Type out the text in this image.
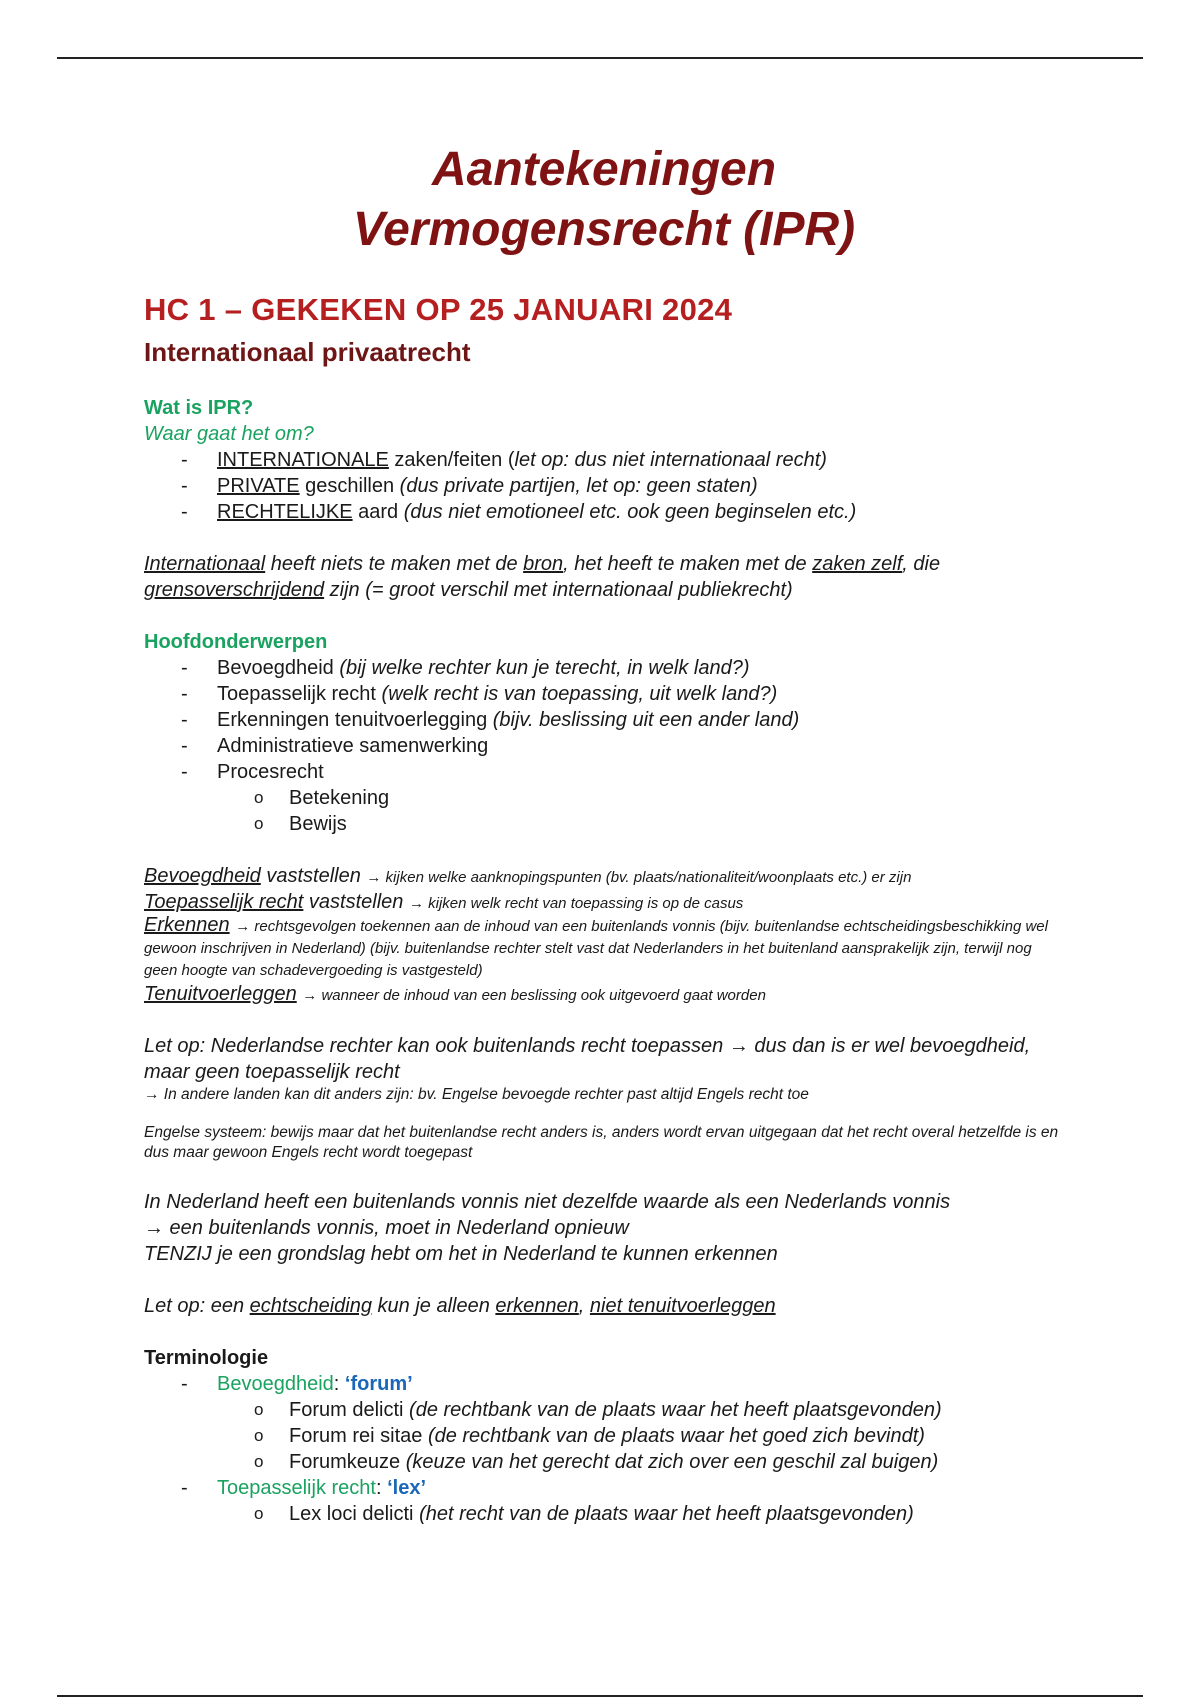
Aantekeningen
Vermogensrecht (IPR)
HC 1 – GEKEKEN OP 25 JANUARI 2024
Internationaal privaatrecht
Wat is IPR?
Waar gaat het om?
- INTERNATIONALE zaken/feiten (let op: dus niet internationaal recht)
- PRIVATE geschillen (dus private partijen, let op: geen staten)
- RECHTELIJKE aard (dus niet emotioneel etc. ook geen beginselen etc.)
Internationaal heeft niets te maken met de bron, het heeft te maken met de zaken zelf, die
grensoverschrijdend zijn (= groot verschil met internationaal publiekrecht)
Hoofdonderwerpen
- Bevoegdheid (bij welke rechter kun je terecht, in welk land?)
- Toepasselijk recht (welk recht is van toepassing, uit welk land?)
- Erkenningen tenuitvoerlegging (bijv. beslissing uit een ander land)
- Administratieve samenwerking
- Procesrecht
o Betekening
o Bewijs
Bevoegdheid vaststellen → kijken welke aanknopingspunten (bv. plaats/nationaliteit/woonplaats etc.) er zijn
Toepasselijk recht vaststellen → kijken welk recht van toepassing is op de casus
Erkennen → rechtsgevolgen toekennen aan de inhoud van een buitenlands vonnis (bijv. buitenlandse echtscheidingsbeschikking wel gewoon inschrijven in Nederland) (bijv. buitenlandse rechter stelt vast dat Nederlanders in het buitenland aansprakelijk zijn, terwijl nog geen hoogte van schadevergoeding is vastgesteld)
Tenuitvoerleggen → wanneer de inhoud van een beslissing ook uitgevoerd gaat worden
Let op: Nederlandse rechter kan ook buitenlands recht toepassen → dus dan is er wel bevoegdheid, maar geen toepasselijk recht
→ In andere landen kan dit anders zijn: bv. Engelse bevoegde rechter past altijd Engels recht toe
Engelse systeem: bewijs maar dat het buitenlandse recht anders is, anders wordt ervan uitgegaan dat het recht overal hetzelfde is en dus maar gewoon Engels recht wordt toegepast
In Nederland heeft een buitenlands vonnis niet dezelfde waarde als een Nederlands vonnis
→ een buitenlands vonnis, moet in Nederland opnieuw
TENZIJ je een grondslag hebt om het in Nederland te kunnen erkennen
Let op: een echtscheiding kun je alleen erkennen, niet tenuitvoerleggen
Terminologie
- Bevoegdheid: ‘forum’
o Forum delicti (de rechtbank van de plaats waar het heeft plaatsgevonden)
o Forum rei sitae (de rechtbank van de plaats waar het goed zich bevindt)
o Forumkeuze (keuze van het gerecht dat zich over een geschil zal buigen)
- Toepasselijk recht: ‘lex’
o Lex loci delicti (het recht van de plaats waar het heeft plaatsgevonden)
